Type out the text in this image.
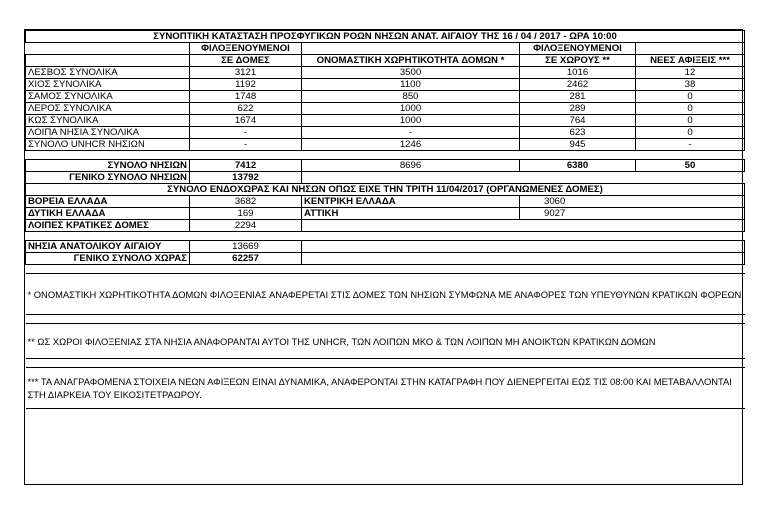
ΣΥΝΟΠΤΙΚΗ ΚΑΤΑΣΤΑΣΗ ΠΡΟΣΦΥΓΙΚΩΝ ΡΟΩΝ ΝΗΣΩΝ ΑΝΑΤ. ΑΙΓΑΙΟΥ ΤΗΣ 16 / 04 / 2017 - ΩΡΑ 10:00				
	ΦΙΛΟΞΕΝΟΥΜΕΝΟΙ		ΦΙΛΟΞΕΝΟΥΜΕΝΟΙ	
	ΣΕ ΔΟΜΕΣ	ΟΝΟΜΑΣΤΙΚΗ ΧΩΡΗΤΙΚΟΤΗΤΑ ΔΟΜΩΝ *	ΣΕ ΧΩΡΟΥΣ **	ΝΕΕΣ ΑΦΙΞΕΙΣ ***
ΛΕΣΒΟΣ ΣΥΝΟΛΙΚΑ	3121	3500	1016	12
ΧΙΟΣ ΣΥΝΟΛΙΚΑ	1192	1100	2462	38
ΣΑΜΟΣ ΣΥΝΟΛΙΚΑ	1748	850	281	0
ΛΕΡΟΣ ΣΥΝΟΛΙΚΑ	622	1000	289	0
ΚΩΣ ΣΥΝΟΛΙΚΑ	1674	1000	764	0
ΛΟΙΠΑ ΝΗΣΙΑ ΣΥΝΟΛΙΚΑ	-	-	623	0
ΣΥΝΟΛΟ UNHCR ΝΗΣΙΩΝ	-	1246	945	-

ΣΥΝΟΛΟ ΝΗΣΙΩΝ	7412	8696	6380	50
ΓΕΝΙΚΟ ΣΥΝΟΛΟ ΝΗΣΙΩΝ	13792			
ΣΥΝΟΛΟ ΕΝΔΟΧΩΡΑΣ ΚΑΙ ΝΗΣΩΝ ΟΠΩΣ ΕΙΧΕ ΤΗΝ ΤΡΙΤΗ 11/04/2017 (ΟΡΓΑΝΩΜΕΝΕΣ ΔΟΜΕΣ)				
ΒΟΡΕΙΑ ΕΛΛΑΔΑ	3682	ΚΕΝΤΡΙΚΗ ΕΛΛΑΔΑ	3060	
ΔΥΤΙΚΗ ΕΛΛΑΔΑ	169	ΑΤΤΙΚΗ	9027	
ΛΟΙΠΕΣ ΚΡΑΤΙΚΕΣ ΔΟΜΕΣ	2294			

ΝΗΣΙΑ ΑΝΑΤΟΛΙΚΟΥ ΑΙΓΑΙΟΥ	13669			
ΓΕΝΙΚΟ ΣΥΝΟΛΟ ΧΩΡΑΣ	62257			

* ΟΝΟΜΑΣΤΙΚΗ ΧΩΡΗΤΙΚΟΤΗΤΑ ΔΟΜΩΝ ΦΙΛΟΞΕΝΙΑΣ ΑΝΑΦΕΡΕΤΑΙ ΣΤΙΣ ΔΟΜΕΣ ΤΩΝ ΝΗΣΙΩΝ ΣΥΜΦΩΝΑ ΜΕ ΑΝΑΦΟΡΕΣ ΤΩΝ ΥΠΕΥΘΥΝΩΝ ΚΡΑΤΙΚΩΝ ΦΟΡΕΩΝ				

** ΩΣ ΧΩΡΟΙ ΦΙΛΟΞΕΝΙΑΣ ΣΤΑ ΝΗΣΙΑ ΑΝΑΦΟΡΑΝΤΑΙ ΑΥΤΟΙ ΤΗΣ UNHCR, ΤΩΝ ΛΟΙΠΩΝ ΜΚΟ & ΤΩΝ ΛΟΙΠΩΝ ΜΗ ΑΝΟΙΚΤΩΝ ΚΡΑΤΙΚΩΝ ΔΟΜΩΝ				

*** ΤΑ ΑΝΑΓΡΑΦΟΜΕΝΑ ΣΤΟΙΧΕΙΑ ΝΕΩΝ ΑΦΙΞΕΩΝ ΕΙΝΑΙ ΔΥΝΑΜΙΚΑ, ΑΝΑΦΕΡΟΝΤΑΙ ΣΤΗΝ ΚΑΤΑΓΡΑΦΗ ΠΟΥ ΔΙΕΝΕΡΓΕΙΤΑΙ ΕΩΣ ΤΙΣ 08:00 ΚΑΙ ΜΕΤΑΒΑΛΛΟΝΤΑΙ ΣΤΗ ΔΙΑΡΚΕΙΑ ΤΟΥ ΕΙΚΟΣΙΤΕΤΡΑΩΡΟΥ.				
